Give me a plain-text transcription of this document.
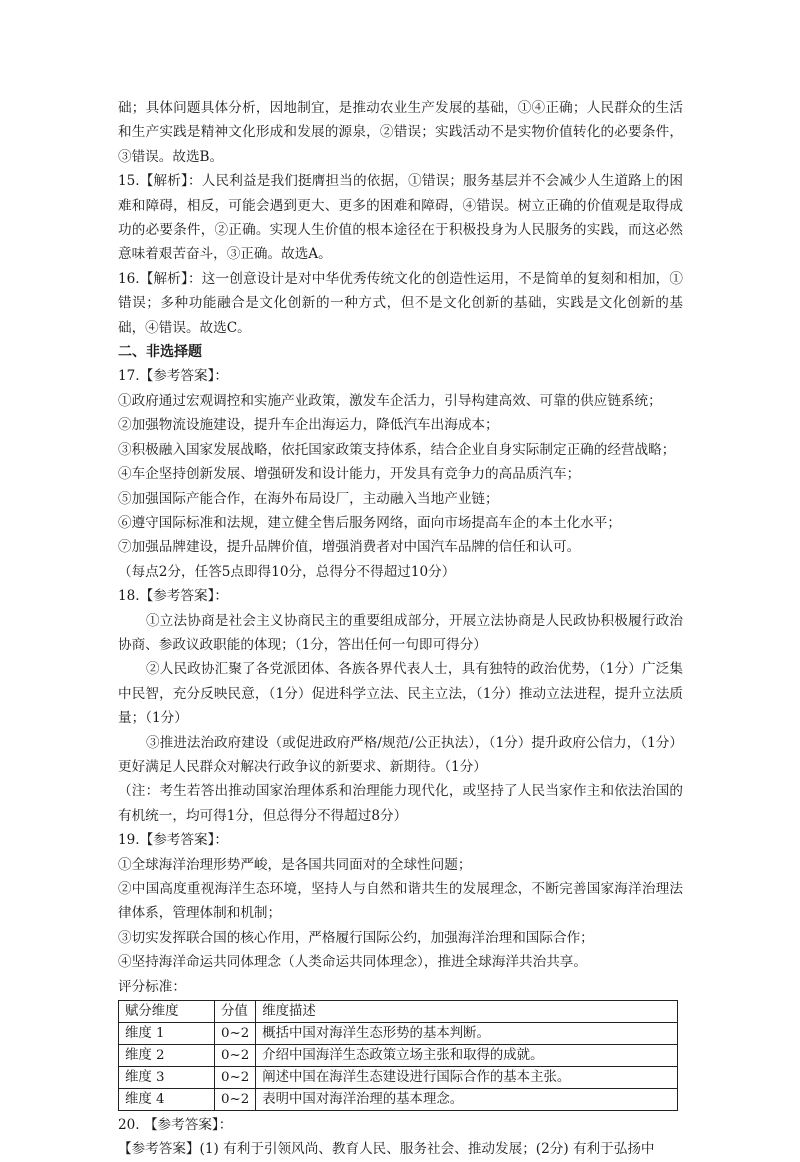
础；具体问题具体分析，因地制宜，是推动农业生产发展的基础，①④正确；人民群众的生活和生产实践是精神文化形成和发展的源泉，②错误；实践活动不是实物价值转化的必要条件，③错误。故选B。

15.【解析】：人民利益是我们挺膺担当的依据，①错误；服务基层并不会减少人生道路上的困难和障碍，相反，可能会遇到更大、更多的困难和障碍，④错误。树立正确的价值观是取得成功的必要条件，②正确。实现人生价值的根本途径在于积极投身为人民服务的实践，而这必然意味着艰苦奋斗，③正确。故选A。

16.【解析】：这一创意设计是对中华优秀传统文化的创造性运用，不是简单的复刻和相加，①错误；多种功能融合是文化创新的一种方式，但不是文化创新的基础，实践是文化创新的基础，④错误。故选C。

二、非选择题

17.【参考答案】：

①政府通过宏观调控和实施产业政策，激发车企活力，引导构建高效、可靠的供应链系统；

②加强物流设施建设，提升车企出海运力，降低汽车出海成本；

③积极融入国家发展战略，依托国家政策支持体系，结合企业自身实际制定正确的经营战略；

④车企坚持创新发展、增强研发和设计能力，开发具有竞争力的高品质汽车；

⑤加强国际产能合作，在海外布局设厂，主动融入当地产业链；

⑥遵守国际标准和法规，建立健全售后服务网络，面向市场提高车企的本土化水平；

⑦加强品牌建设，提升品牌价值，增强消费者对中国汽车品牌的信任和认可。

（每点2分，任答5点即得10分，总得分不得超过10分）

18.【参考答案】：

①立法协商是社会主义协商民主的重要组成部分，开展立法协商是人民政协积极履行政治协商、参政议政职能的体现；（1分，答出任何一句即可得分）

②人民政协汇聚了各党派团体、各族各界代表人士，具有独特的政治优势，（1分）广泛集中民智，充分反映民意，（1分）促进科学立法、民主立法，（1分）推动立法进程，提升立法质量；（1分）

③推进法治政府建设（或促进政府严格/规范/公正执法），（1分）提升政府公信力，（1分）更好满足人民群众对解决行政争议的新要求、新期待。（1分）

（注：考生若答出推动国家治理体系和治理能力现代化，或坚持了人民当家作主和依法治国的有机统一，均可得1分，但总得分不得超过8分）

19.【参考答案】：

①全球海洋治理形势严峻，是各国共同面对的全球性问题；

②中国高度重视海洋生态环境，坚持人与自然和谐共生的发展理念，不断完善国家海洋治理法律体系，管理体制和机制；

③切实发挥联合国的核心作用，严格履行国际公约，加强海洋治理和国际合作；

④坚持海洋命运共同体理念（人类命运共同体理念），推进全球海洋共治共享。

评分标准：

赋分维度	分值	维度描述
维度 1	0~2	概括中国对海洋生态形势的基本判断。
维度 2	0~2	介绍中国海洋生态政策立场主张和取得的成就。
维度 3	0~2	阐述中国在海洋生态建设进行国际合作的基本主张。
维度 4	0~2	表明中国对海洋治理的基本理念。

20. 【参考答案】：

【参考答案】(1) 有利于引领风尚、教育人民、服务社会、推动发展；(2分) 有利于弘扬中
